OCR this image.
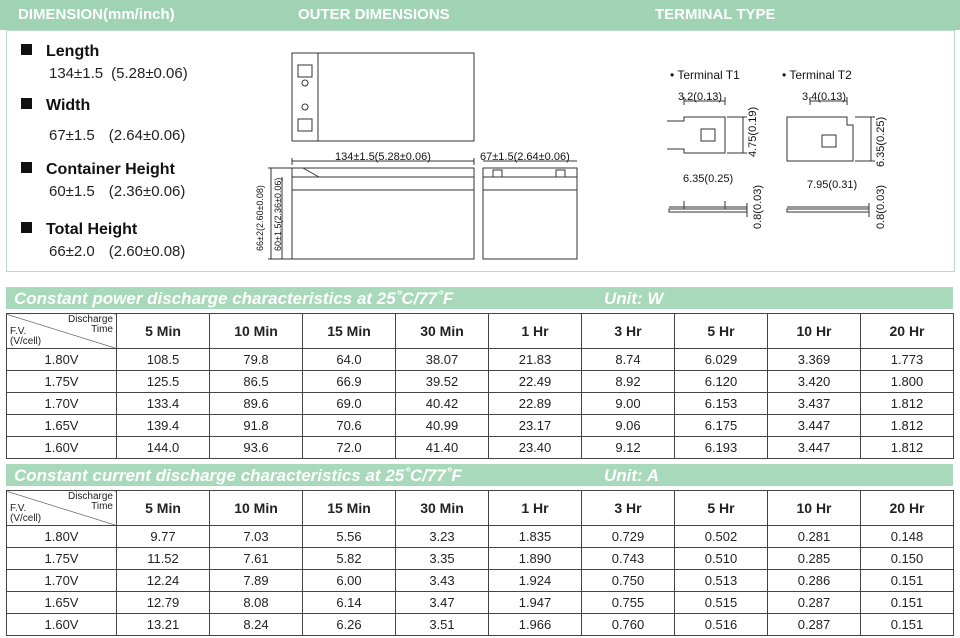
DIMENSION(mm/inch)	OUTER DIMENSIONS	TERMINAL TYPE
Length
134±1.5 (5.28±0.06)
Width
67±1.5 (2.64±0.06)
Container Height
60±1.5 (2.36±0.06)
Total Height
66±2.0 (2.60±0.08)
134±1.5(5.28±0.06)	67±1.5(2.64±0.06)
66±2(2.60±0.08) 60±1.5(2.36±0.06)
• Terminal T1	• Terminal T2
3.2(0.13)
4.75(0.19)
6.35(0.25)
0.8(0.03)
3.4(0.13)
6.35(0.25)
7.95(0.31) 0.8(0.03)
Constant power discharge characteristics at 25˚C/77˚F	Unit: W
Discharge
Time
F.V.
(V/cell)	5 Min	10 Min	15 Min	30 Min	1 Hr	3 Hr	5 Hr	10 Hr	20 Hr
1.80V	108.5	79.8	64.0	38.07	21.83	8.74	6.029	3.369	1.773
1.75V	125.5	86.5	66.9	39.52	22.49	8.92	6.120	3.420	1.800
1.70V	133.4	89.6	69.0	40.42	22.89	9.00	6.153	3.437	1.812
1.65V	139.4	91.8	70.6	40.99	23.17	9.06	6.175	3.447	1.812
1.60V	144.0	93.6	72.0	41.40	23.40	9.12	6.193	3.447	1.812
Constant current discharge characteristics at 25˚C/77˚F	Unit: A
Discharge
Time
F.V.
(V/cell)	5 Min	10 Min	15 Min	30 Min	1 Hr	3 Hr	5 Hr	10 Hr	20 Hr
1.80V	9.77	7.03	5.56	3.23	1.835	0.729	0.502	0.281	0.148
1.75V	11.52	7.61	5.82	3.35	1.890	0.743	0.510	0.285	0.150
1.70V	12.24	7.89	6.00	3.43	1.924	0.750	0.513	0.286	0.151
1.65V	12.79	8.08	6.14	3.47	1.947	0.755	0.515	0.287	0.151
1.60V	13.21	8.24	6.26	3.51	1.966	0.760	0.516	0.287	0.151
